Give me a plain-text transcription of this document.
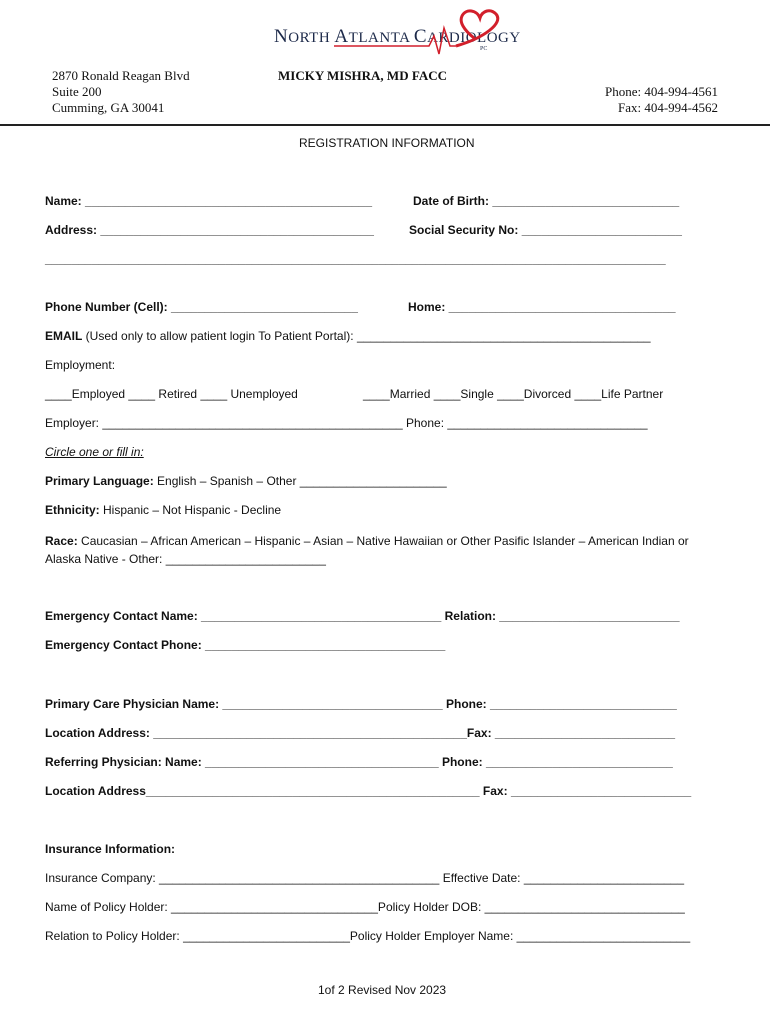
NORTH ATLANTA CARDIOLOGY
PC
2870 Ronald Reagan Blvd
Suite 200
Cumming, GA 30041
MICKY MISHRA, MD FACC
Phone: 404-994-4561
Fax: 404-994-4562
REGISTRATION INFORMATION
Name: ___________________________________________	Date of Birth: ____________________________
Address: _________________________________________	Social Security No: ________________________
_____________________________________________________________________________________________
Phone Number (Cell): ____________________________	Home: __________________________________
EMAIL (Used only to allow patient login To Patient Portal): ____________________________________________
Employment:
____Employed ____ Retired ____ Unemployed	____Married ____Single ____Divorced ____Life Partner
Employer: _____________________________________________ Phone: ______________________________
Circle one or fill in:
Primary Language: English – Spanish – Other ______________________
Ethnicity: Hispanic – Not Hispanic - Decline
Race: Caucasian – African American – Hispanic – Asian – Native Hawaiian or Other Pasific Islander – American Indian or
Alaska Native - Other: ________________________
Emergency Contact Name: ____________________________________ Relation: ___________________________
Emergency Contact Phone: ____________________________________
Primary Care Physician Name: _________________________________ Phone: ____________________________
Location Address: _______________________________________________Fax: ___________________________
Referring Physician: Name: ___________________________________ Phone: ____________________________
Location Address__________________________________________________ Fax: ___________________________
Insurance Information:
Insurance Company: __________________________________________ Effective Date: ________________________
Name of Policy Holder: _______________________________Policy Holder DOB: ______________________________
Relation to Policy Holder: _________________________Policy Holder Employer Name: __________________________
1of 2 Revised Nov 2023
